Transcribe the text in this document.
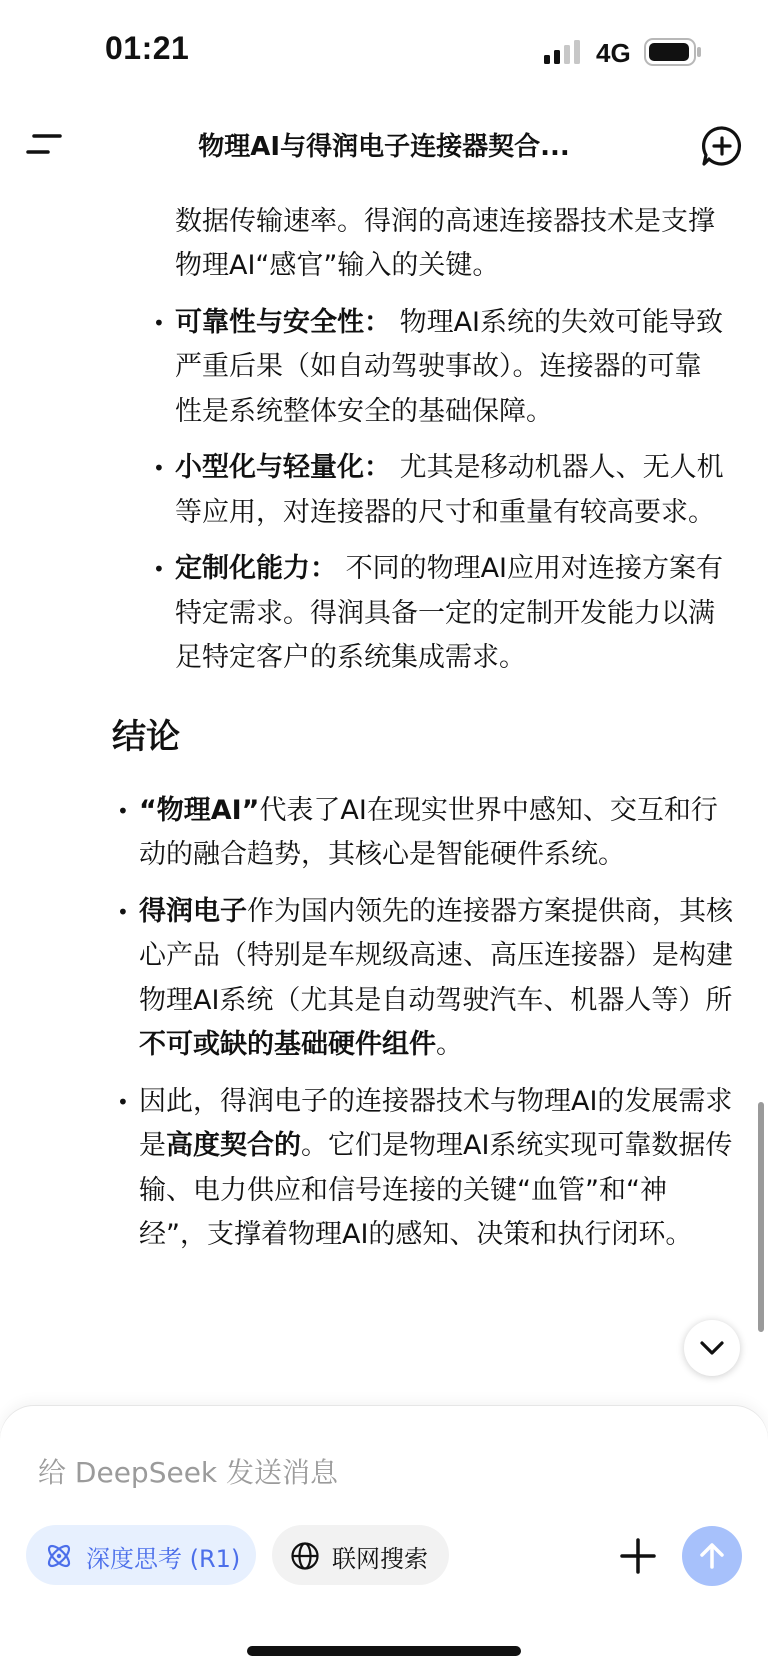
01:21	4G
物理AI与得润电子连接器契合...
• 数据传输速率。得润的高速连接器技术是支撑物理AI“感官”输入的关键。
• 可靠性与安全性： 物理AI系统的失效可能导致严重后果（如自动驾驶事故）。连接器的可靠性是系统整体安全的基础保障。
• 小型化与轻量化： 尤其是移动机器人、无人机等应用，对连接器的尺寸和重量有较高要求。
• 定制化能力： 不同的物理AI应用对连接方案有特定需求。得润具备一定的定制开发能力以满足特定客户的系统集成需求。
结论
• “物理AI”代表了AI在现实世界中感知、交互和行动的融合趋势，其核心是智能硬件系统。
• 得润电子作为国内领先的连接器方案提供商，其核心产品（特别是车规级高速、高压连接器）是构建物理AI系统（尤其是自动驾驶汽车、机器人等）所不可或缺的基础硬件组件。
• 因此，得润电子的连接器技术与物理AI的发展需求是高度契合的。它们是物理AI系统实现可靠数据传输、电力供应和信号连接的关键“血管”和“神经”，支撑着物理AI的感知、决策和执行闭环。
给 DeepSeek 发送消息
深度思考 (R1)	联网搜索
